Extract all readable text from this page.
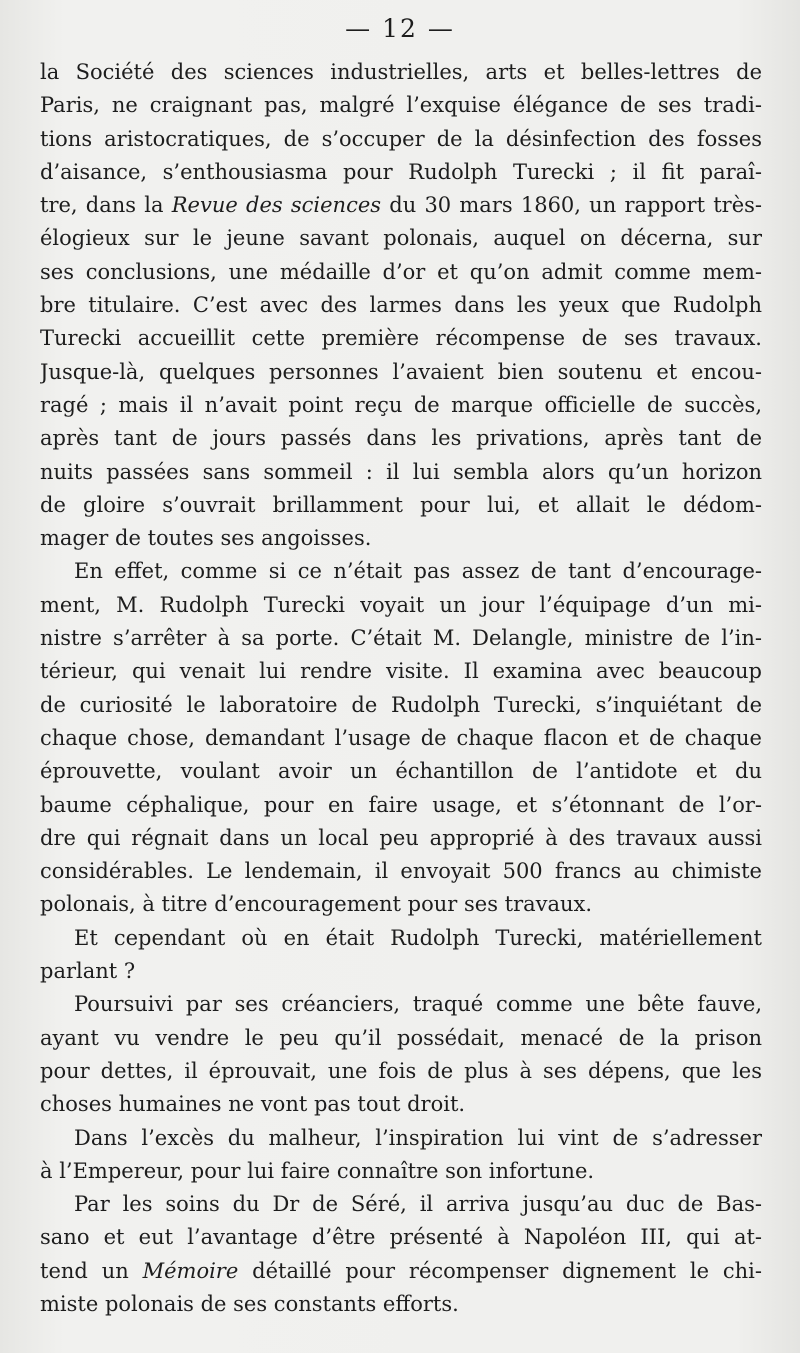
— 12 —
la Société des sciences industrielles, arts et belles-lettres de
Paris, ne craignant pas, malgré l’exquise élégance de ses tradi-
tions aristocratiques, de s’occuper de la désinfection des fosses
d’aisance, s’enthousiasma pour Rudolph Turecki ; il fit paraî-
tre, dans la Revue des sciences du 30 mars 1860, un rapport très-
élogieux sur le jeune savant polonais, auquel on décerna, sur
ses conclusions, une médaille d’or et qu’on admit comme mem-
bre titulaire. C’est avec des larmes dans les yeux que Rudolph
Turecki accueillit cette première récompense de ses travaux.
Jusque-là, quelques personnes l’avaient bien soutenu et encou-
ragé ; mais il n’avait point reçu de marque officielle de succès,
après tant de jours passés dans les privations, après tant de
nuits passées sans sommeil : il lui sembla alors qu’un horizon
de gloire s’ouvrait brillamment pour lui, et allait le dédom-
mager de toutes ses angoisses.
En effet, comme si ce n’était pas assez de tant d’encourage-
ment, M. Rudolph Turecki voyait un jour l’équipage d’un mi-
nistre s’arrêter à sa porte. C’était M. Delangle, ministre de l’in-
térieur, qui venait lui rendre visite. Il examina avec beaucoup
de curiosité le laboratoire de Rudolph Turecki, s’inquiétant de
chaque chose, demandant l’usage de chaque flacon et de chaque
éprouvette, voulant avoir un échantillon de l’antidote et du
baume céphalique, pour en faire usage, et s’étonnant de l’or-
dre qui régnait dans un local peu approprié à des travaux aussi
considérables. Le lendemain, il envoyait 500 francs au chimiste
polonais, à titre d’encouragement pour ses travaux.
Et cependant où en était Rudolph Turecki, matériellement
parlant ?
Poursuivi par ses créanciers, traqué comme une bête fauve,
ayant vu vendre le peu qu’il possédait, menacé de la prison
pour dettes, il éprouvait, une fois de plus à ses dépens, que les
choses humaines ne vont pas tout droit.
Dans l’excès du malheur, l’inspiration lui vint de s’adresser
à l’Empereur, pour lui faire connaître son infortune.
Par les soins du Dr de Séré, il arriva jusqu’au duc de Bas-
sano et eut l’avantage d’être présenté à Napoléon III, qui at-
tend un Mémoire détaillé pour récompenser dignement le chi-
miste polonais de ses constants efforts.
